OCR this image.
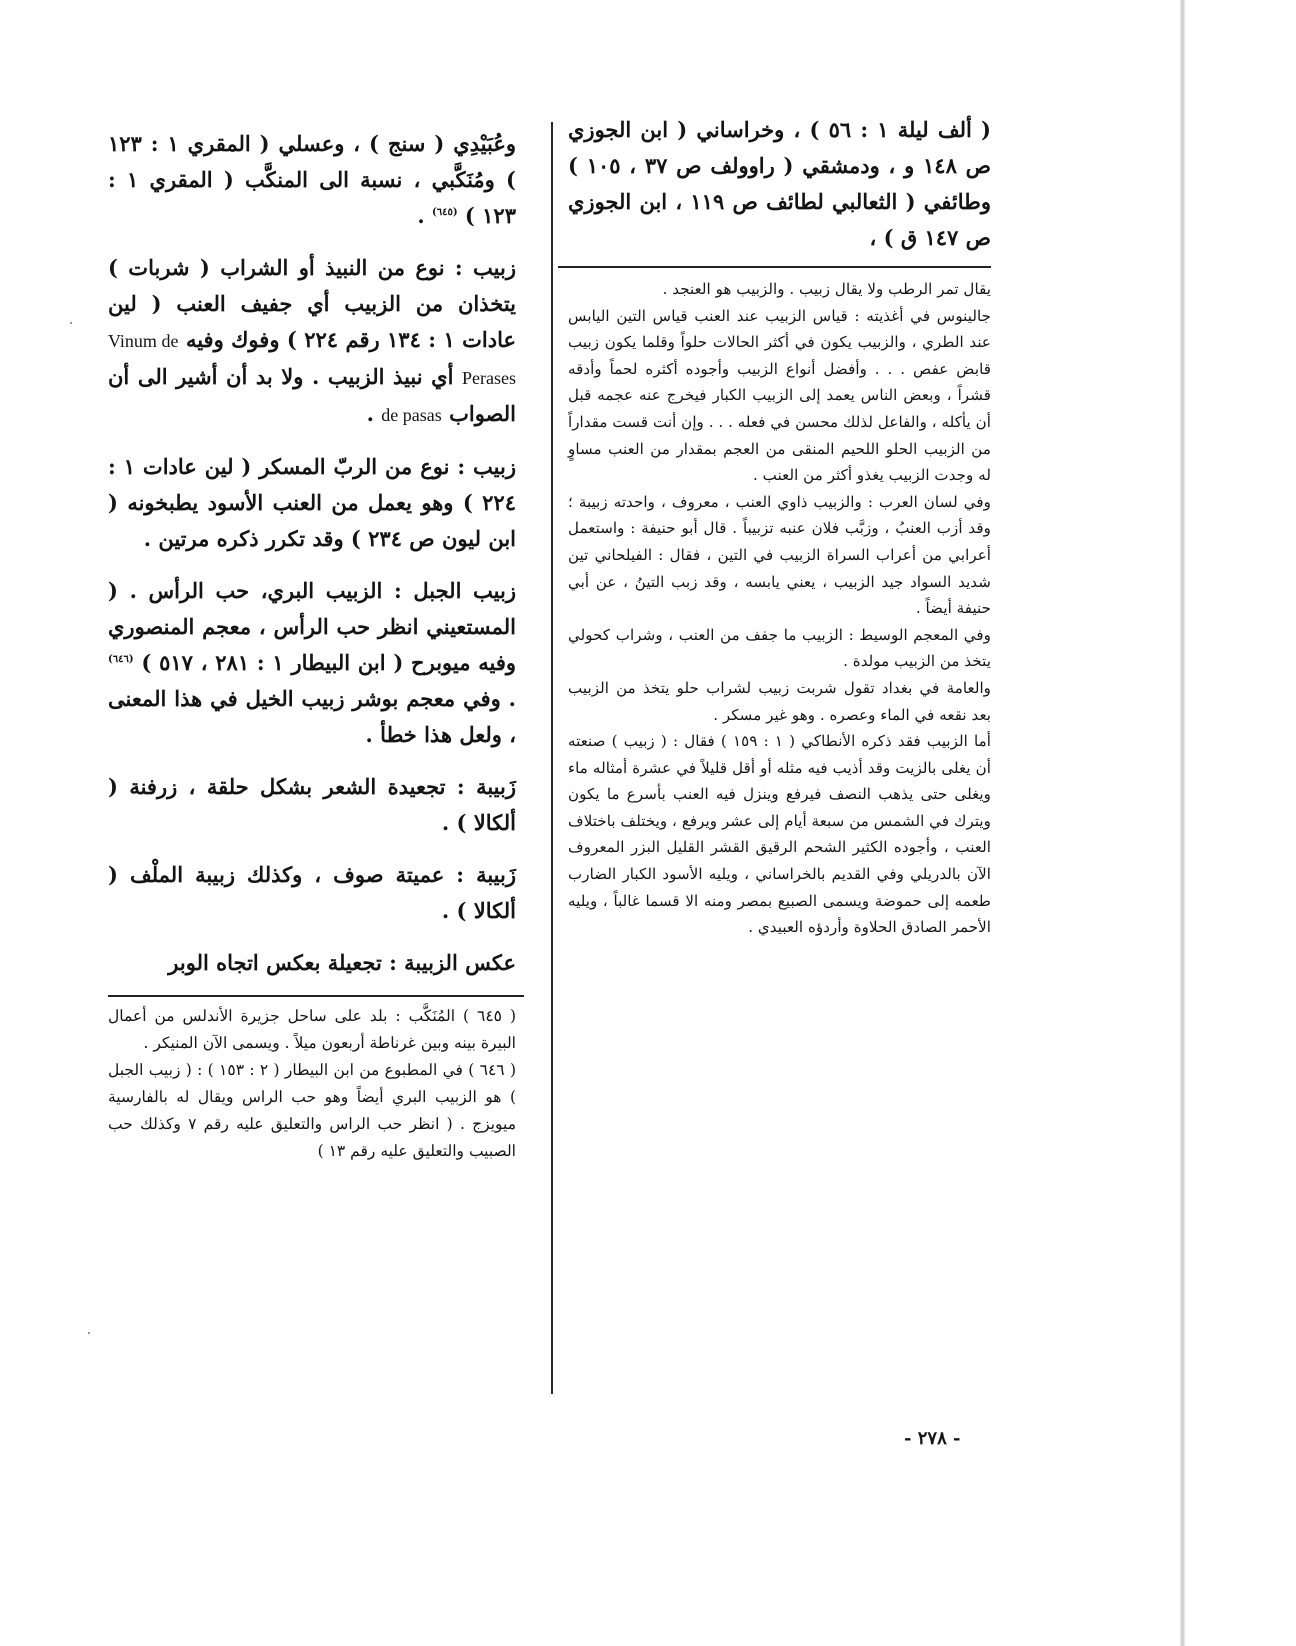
( ألف ليلة ١ : ٥٦ ) ، وخراساني ( ابن الجوزي ص ١٤٨ و ، ودمشقي ( راوولف ص ٣٧ ، ١٠٥ ) وطائفي ( الثعالبي لطائف ص ١١٩ ، ابن الجوزي ص ١٤٧ ق ) ،

يقال تمر الرطب ولا يقال زبيب . والزبيب هو العنجد .

جالينوس في أغذيته : قياس الزبيب عند العنب قياس التين اليابس عند الطري ، والزبيب يكون في أكثر الحالات حلواً وقلما يكون زبيب قابض عفص . . . وأفضل أنواع الزبيب وأجوده أكثره لحماً وأدقه قشراً ، وبعض الناس يعمد إلى الزبيب الكبار فيخرج عنه عجمه قبل أن يأكله ، والفاعل لذلك محسن في فعله . . . وإن أنت قست مقداراً من الزبيب الحلو اللحيم المنقى من العجم بمقدار من العنب مساوٍ له وجدت الزبيب يغذو أكثر من العنب .

وفي لسان العرب : والزبيب ذاوي العنب ، معروف ، واحدته زبيبة ؛ وقد أزب العنبُ ، وزبَّب فلان عنبه تزبيباً . قال أبو حنيفة : واستعمل أعرابي من أعراب السراة الزبيب في التين ، فقال : الفيلحاني تين شديد السواد جيد الزبيب ، يعني يابسه ، وقد زبب التينُ ، عن أبي حنيفة أيضاً .

وفي المعجم الوسيط : الزبيب ما جفف من العنب ، وشراب كحولي يتخذ من الزبيب مولدة .

والعامة في بغداد تقول شربت زبيب لشراب حلو يتخذ من الزبيب بعد نقعه في الماء وعصره . وهو غير مسكر .

أما الزبيب فقد ذكره الأنطاكي ( ١ : ١٥٩ ) فقال : ( زبيب ) صنعته أن يغلى بالزيت وقد أذيب فيه مثله أو أقل قليلاً في عشرة أمثاله ماء ويغلى حتى يذهب النصف فيرفع وينزل فيه العنب بأسرع ما يكون ويترك في الشمس من سبعة أيام إلى عشر ويرفع ، ويختلف باختلاف العنب ، وأجوده الكثير الشحم الرقيق القشر القليل البزر المعروف الآن بالدريلي وفي القديم بالخراساني ، ويليه الأسود الكبار الضارب طعمه إلى حموضة ويسمى الصبيع بمصر ومنه الا قسما غالباً ، ويليه الأحمر الصادق الحلاوة وأردؤه العبيدي .

وعُبَيْدِي ( سنج ) ، وعسلي ( المقري ١ : ١٢٣ ) ومُنَكَّبي ، نسبة الى المنكَّب ( المقري ١ : ١٢٣ ) $^{(٦٤٥)}$ .

زبيب : نوع من النبيذ أو الشراب ( شربات ) يتخذان من الزبيب أي جفيف العنب ( لين عادات ١ : ١٣٤ رقم ٢٢٤ ) وفوك وفيه Vinum de Perases أي نبيذ الزبيب . ولا بد أن أشير الى أن الصواب de pasas .

زبيب : نوع من الربّ المسكر ( لين عادات ١ : ٢٢٤ ) وهو يعمل من العنب الأسود يطبخونه ( ابن ليون ص ٢٣٤ ) وقد تكرر ذكره مرتين .

زبيب الجبل : الزبيب البري، حب الرأس . ( المستعيني انظر حب الرأس ، معجم المنصوري وفيه ميوبرح ( ابن البيطار ١ : ٢٨١ ، ٥١٧ ) $^{(٦٤٦)}$ . وفي معجم بوشر زبيب الخيل في هذا المعنى ، ولعل هذا خطأ .

زَبيبة : تجعيدة الشعر بشكل حلقة ، زرفنة ( ألكالا ) .

زَبيبة : عميتة صوف ، وكذلك زبيبة الملْف ( ألكالا ) .

عكس الزبيبة : تجعيلة بعكس اتجاه الوبر

( ٦٤٥ ) المُنَكَّب : بلد على ساحل جزيرة الأندلس من أعمال البيرة بينه وبين غرناطة أربعون ميلاً . ويسمى الآن المنيكر .

( ٦٤٦ ) في المطبوع من ابن البيطار ( ٢ : ١٥٣ ) : ( زبيب الجبل ) هو الزبيب البري أيضاً وهو حب الراس ويقال له بالفارسية ميويزج . ( انظر حب الراس والتعليق عليه رقم ٧ وكذلك حب الصبيب والتعليق عليه رقم ١٣ )

- ٢٧٨ -
